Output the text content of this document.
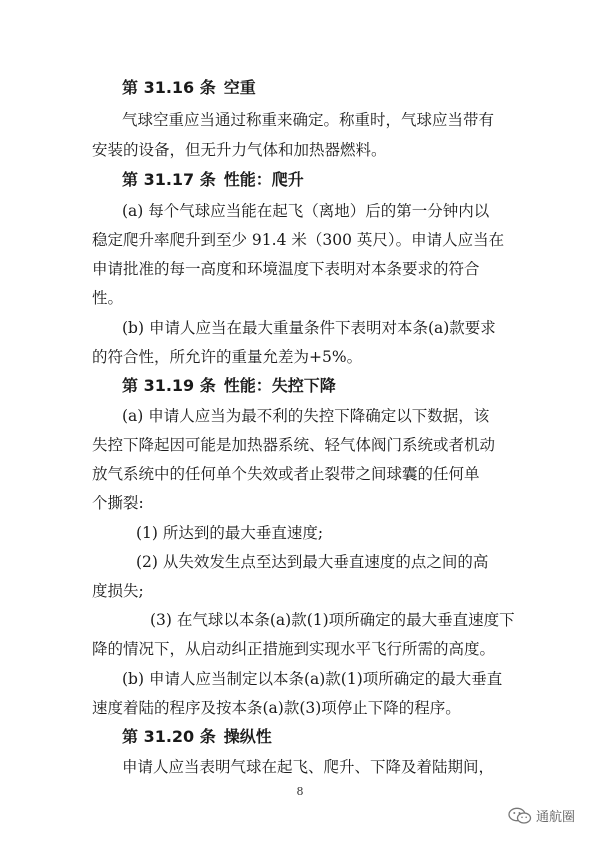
第 31.16 条 空重
气球空重应当通过称重来确定。称重时，气球应当带有
安装的设备，但无升力气体和加热器燃料。
第 31.17 条 性能：爬升
(a) 每个气球应当能在起飞（离地）后的第一分钟内以
稳定爬升率爬升到至少 91.4 米（300 英尺）。申请人应当在
申请批准的每一高度和环境温度下表明对本条要求的符合
性。
(b) 申请人应当在最大重量条件下表明对本条(a)款要求
的符合性，所允许的重量允差为+5%。
第 31.19 条 性能：失控下降
(a) 申请人应当为最不利的失控下降确定以下数据，该
失控下降起因可能是加热器系统、轻气体阀门系统或者机动
放气系统中的任何单个失效或者止裂带之间球囊的任何单
个撕裂:
(1) 所达到的最大垂直速度;
(2) 从失效发生点至达到最大垂直速度的点之间的高
度损失;
(3) 在气球以本条(a)款(1)项所确定的最大垂直速度下
降的情况下，从启动纠正措施到实现水平飞行所需的高度。
(b) 申请人应当制定以本条(a)款(1)项所确定的最大垂直
速度着陆的程序及按本条(a)款(3)项停止下降的程序。
第 31.20 条 操纵性
申请人应当表明气球在起飞、爬升、下降及着陆期间，
8
通航圈
